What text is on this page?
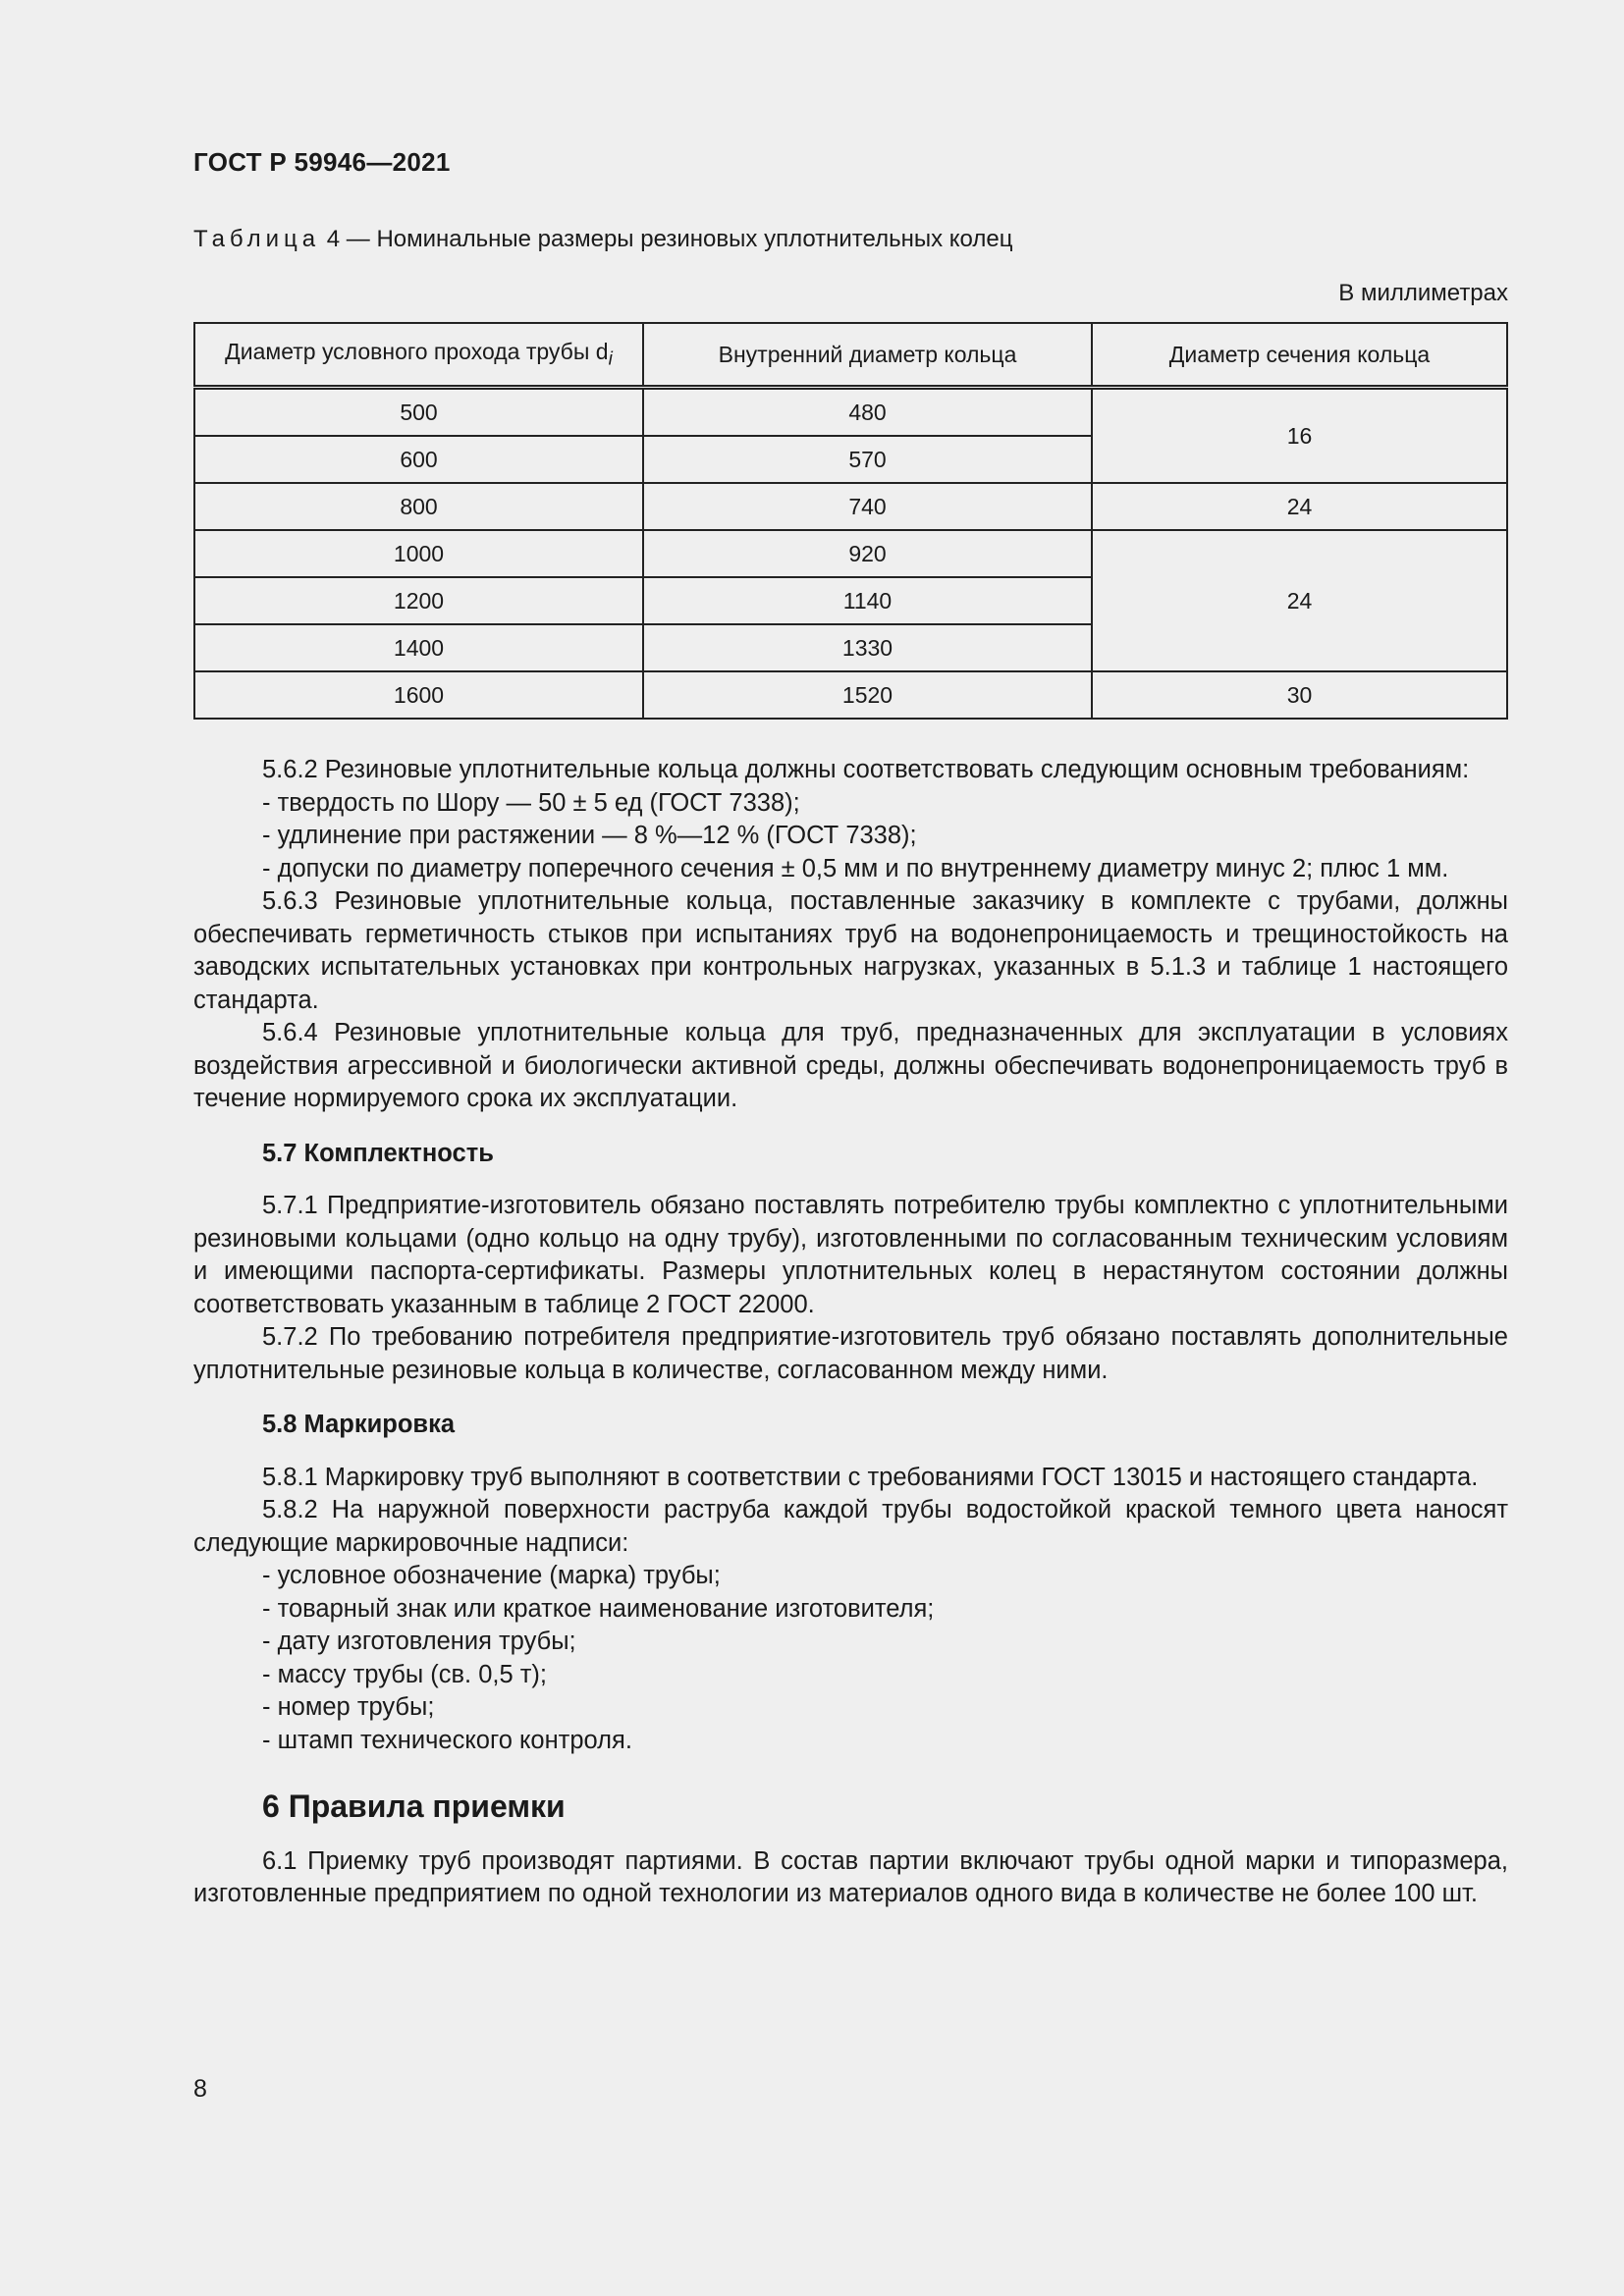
ГОСТ Р 59946—2021
Таблица 4 — Номинальные размеры резиновых уплотнительных колец
В миллиметрах
Диаметр условного прохода трубы $d_i$	Внутренний диаметр кольца	Диаметр сечения кольца
500	480	16
600	570	
800	740	24
1000	920	24
1200	1140	
1400	1330	
1600	1520	30

5.6.2 Резиновые уплотнительные кольца должны соответствовать следующим основным требованиям:

- твердость по Шору — 50 ± 5 ед (ГОСТ 7338);

- удлинение при растяжении — 8 %—12 % (ГОСТ 7338);

- допуски по диаметру поперечного сечения ± 0,5 мм и по внутреннему диаметру минус 2; плюс 1 мм.

5.6.3 Резиновые уплотнительные кольца, поставленные заказчику в комплекте с трубами, должны обеспечивать герметичность стыков при испытаниях труб на водонепроницаемость и трещиностойкость на заводских испытательных установках при контрольных нагрузках, указанных в 5.1.3 и таблице 1 настоящего стандарта.

5.6.4 Резиновые уплотнительные кольца для труб, предназначенных для эксплуатации в условиях воздействия агрессивной и биологически активной среды, должны обеспечивать водонепроницаемость труб в течение нормируемого срока их эксплуатации.

5.7 Комплектность

5.7.1 Предприятие-изготовитель обязано поставлять потребителю трубы комплектно с уплотнительными резиновыми кольцами (одно кольцо на одну трубу), изготовленными по согласованным техническим условиям и имеющими паспорта-сертификаты. Размеры уплотнительных колец в нерастянутом состоянии должны соответствовать указанным в таблице 2 ГОСТ 22000.

5.7.2 По требованию потребителя предприятие-изготовитель труб обязано поставлять дополнительные уплотнительные резиновые кольца в количестве, согласованном между ними.

5.8 Маркировка

5.8.1 Маркировку труб выполняют в соответствии с требованиями ГОСТ 13015 и настоящего стандарта.

5.8.2 На наружной поверхности раструба каждой трубы водостойкой краской темного цвета наносят следующие маркировочные надписи:

- условное обозначение (марка) трубы;

- товарный знак или краткое наименование изготовителя;

- дату изготовления трубы;

- массу трубы (св. 0,5 т);

- номер трубы;

- штамп технического контроля.

6 Правила приемки

6.1 Приемку труб производят партиями. В состав партии включают трубы одной марки и типоразмера, изготовленные предприятием по одной технологии из материалов одного вида в количестве не более 100 шт.

8
